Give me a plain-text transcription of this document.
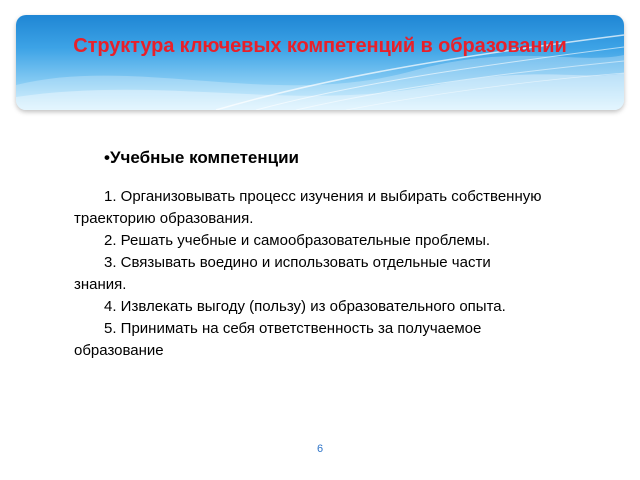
Структура ключевых компетенций в образовании
•Учебные компетенции

1. Организовывать процесс изучения и выбирать собственную траекторию образования.

2. Решать учебные и самообразовательные проблемы.

3. Связывать воедино и использовать отдельные части знания.

4. Извлекать выгоду (пользу) из образовательного опыта.

5. Принимать на себя ответственность за получаемое образование

6
